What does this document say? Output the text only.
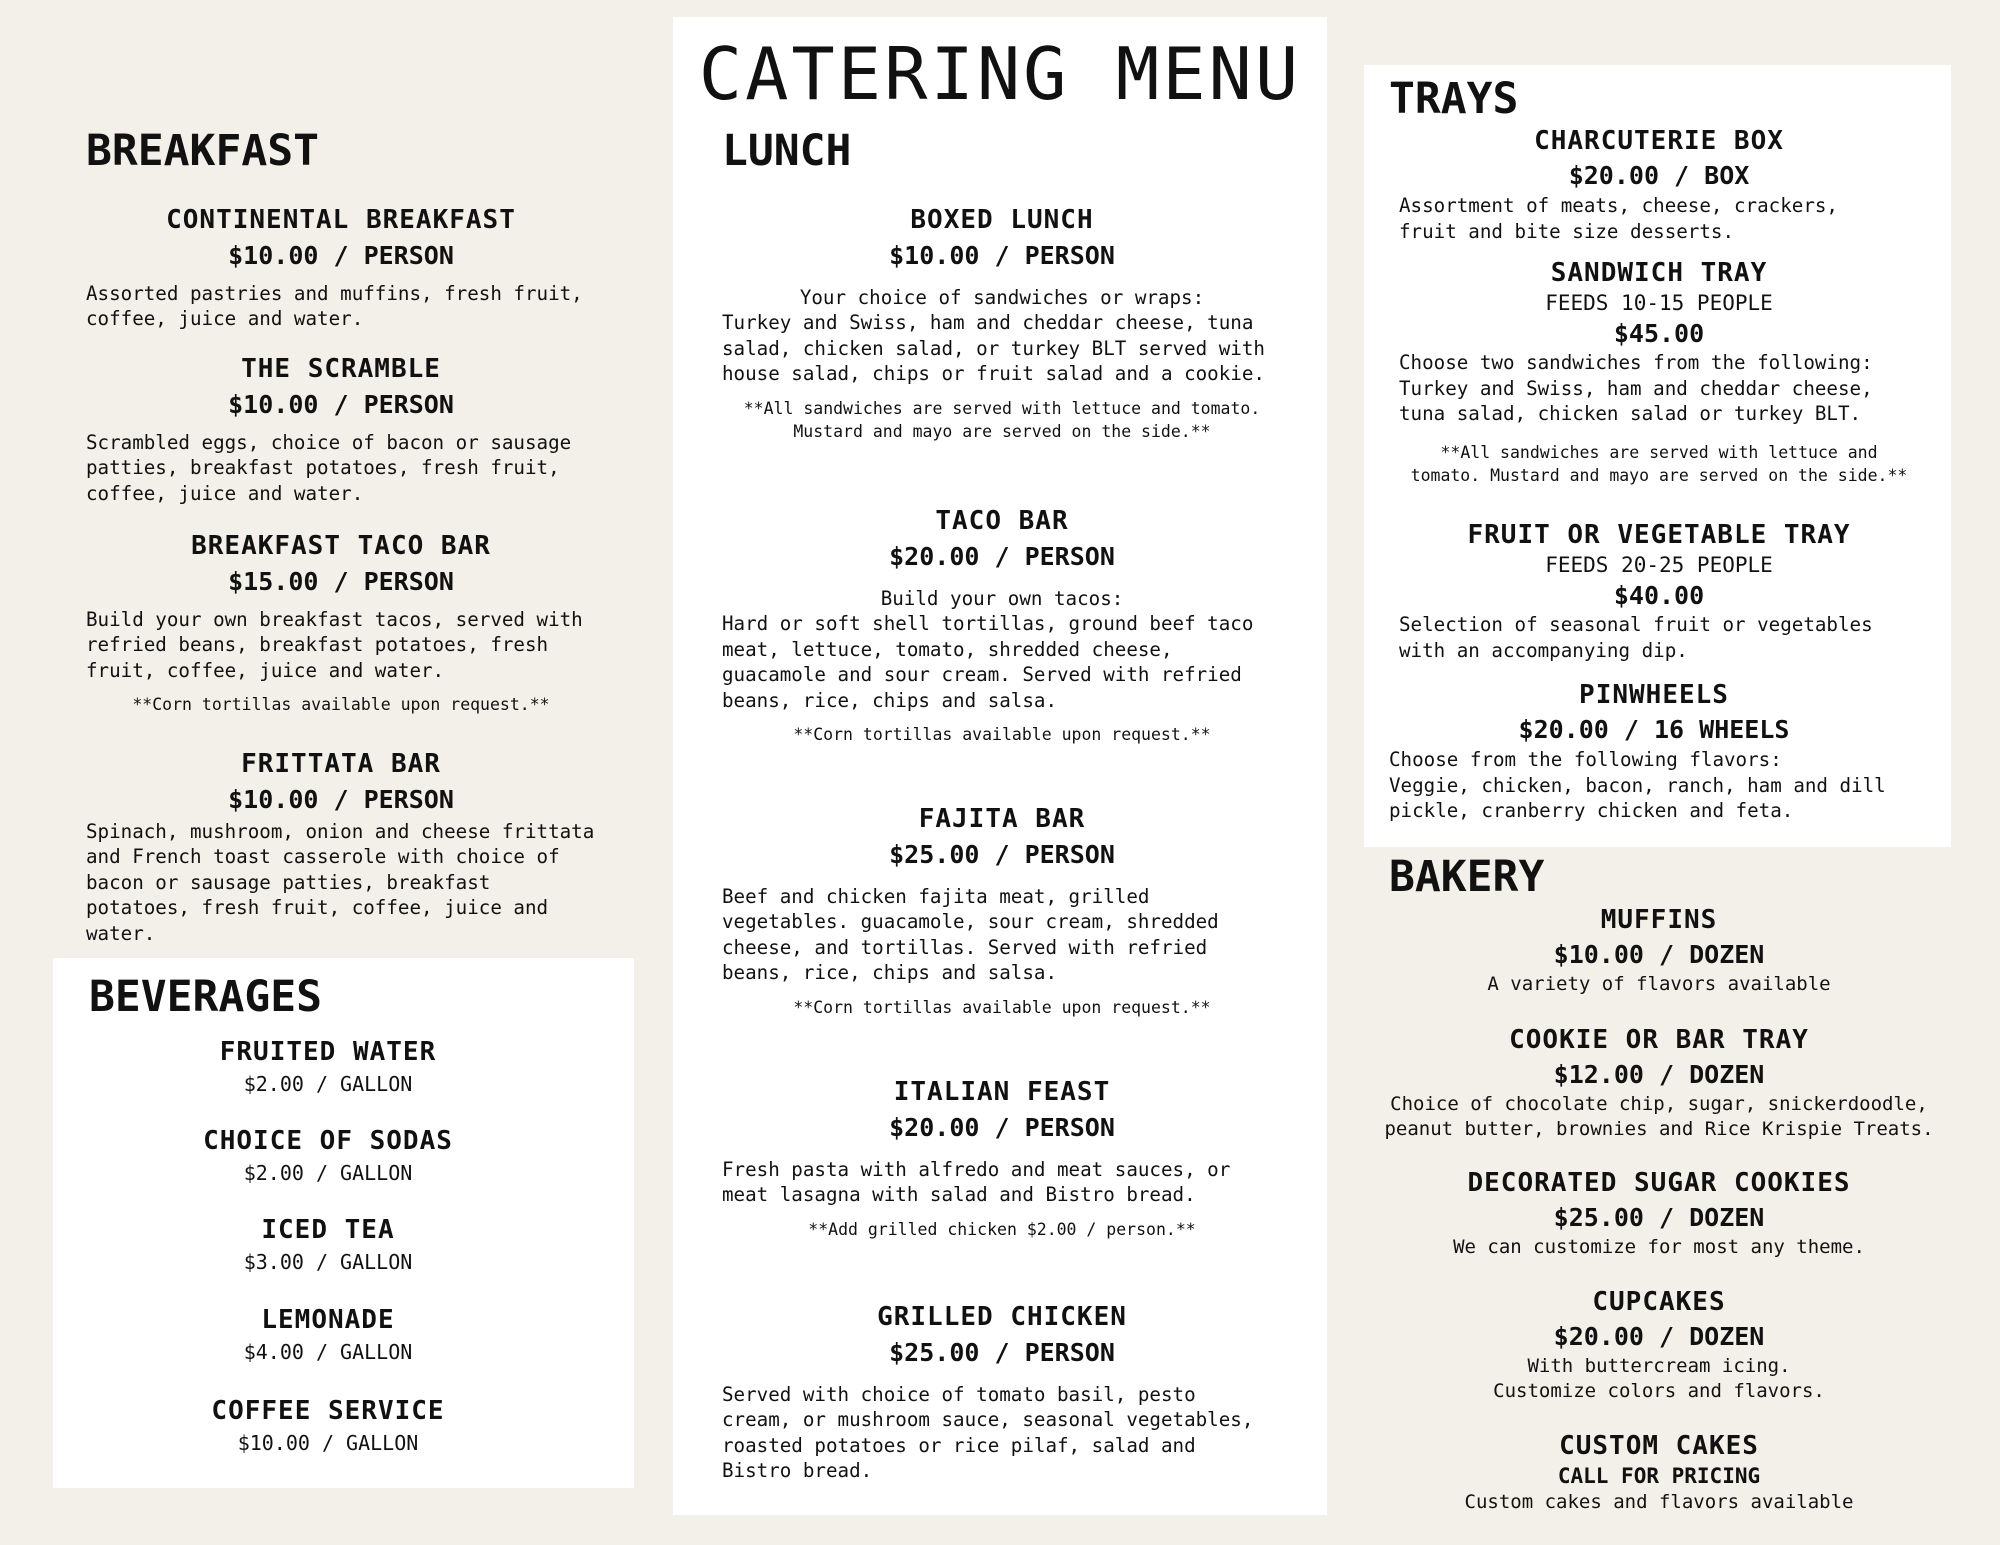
BREAKFAST
CONTINENTAL BREAKFAST
$10.00 / PERSON
Assorted pastries and muffins, fresh fruit,
coffee, juice and water.
THE SCRAMBLE
$10.00 / PERSON
Scrambled eggs, choice of bacon or sausage
patties, breakfast potatoes, fresh fruit,
coffee, juice and water.
BREAKFAST TACO BAR
$15.00 / PERSON
Build your own breakfast tacos, served with
refried beans, breakfast potatoes, fresh
fruit, coffee, juice and water.
**Corn tortillas available upon request.**
FRITTATA BAR
$10.00 / PERSON
Spinach, mushroom, onion and cheese frittata
and French toast casserole with choice of
bacon or sausage patties, breakfast
potatoes, fresh fruit, coffee, juice and
water.
BEVERAGES
FRUITED WATER
$2.00 / GALLON
CHOICE OF SODAS
$2.00 / GALLON
ICED TEA
$3.00 / GALLON
LEMONADE
$4.00 / GALLON
COFFEE SERVICE
$10.00 / GALLON
CATERING MENU
LUNCH
BOXED LUNCH
$10.00 / PERSON
Your choice of sandwiches or wraps:
Turkey and Swiss, ham and cheddar cheese, tuna
salad, chicken salad, or turkey BLT served with
house salad, chips or fruit salad and a cookie.
**All sandwiches are served with lettuce and tomato.
Mustard and mayo are served on the side.**
TACO BAR
$20.00 / PERSON
Build your own tacos:
Hard or soft shell tortillas, ground beef taco
meat, lettuce, tomato, shredded cheese,
guacamole and sour cream. Served with refried
beans, rice, chips and salsa.
**Corn tortillas available upon request.**
FAJITA BAR
$25.00 / PERSON
Beef and chicken fajita meat, grilled
vegetables. guacamole, sour cream, shredded
cheese, and tortillas. Served with refried
beans, rice, chips and salsa.
**Corn tortillas available upon request.**
ITALIAN FEAST
$20.00 / PERSON
Fresh pasta with alfredo and meat sauces, or
meat lasagna with salad and Bistro bread.
**Add grilled chicken $2.00 / person.**
GRILLED CHICKEN
$25.00 / PERSON
Served with choice of tomato basil, pesto
cream, or mushroom sauce, seasonal vegetables,
roasted potatoes or rice pilaf, salad and
Bistro bread.
TRAYS
CHARCUTERIE BOX
$20.00 / BOX
Assortment of meats, cheese, crackers,
fruit and bite size desserts.
SANDWICH TRAY
FEEDS 10-15 PEOPLE
$45.00
Choose two sandwiches from the following:
Turkey and Swiss, ham and cheddar cheese,
tuna salad, chicken salad or turkey BLT.
**All sandwiches are served with lettuce and
tomato. Mustard and mayo are served on the side.**
FRUIT OR VEGETABLE TRAY
FEEDS 20-25 PEOPLE
$40.00
Selection of seasonal fruit or vegetables
with an accompanying dip.
PINWHEELS
$20.00 / 16 WHEELS
Choose from the following flavors:
Veggie, chicken, bacon, ranch, ham and dill
pickle, cranberry chicken and feta.
BAKERY
MUFFINS
$10.00 / DOZEN
A variety of flavors available
COOKIE OR BAR TRAY
$12.00 / DOZEN
Choice of chocolate chip, sugar, snickerdoodle,
peanut butter, brownies and Rice Krispie Treats.
DECORATED SUGAR COOKIES
$25.00 / DOZEN
We can customize for most any theme.
CUPCAKES
$20.00 / DOZEN
With buttercream icing.
Customize colors and flavors.
CUSTOM CAKES
CALL FOR PRICING
Custom cakes and flavors available
